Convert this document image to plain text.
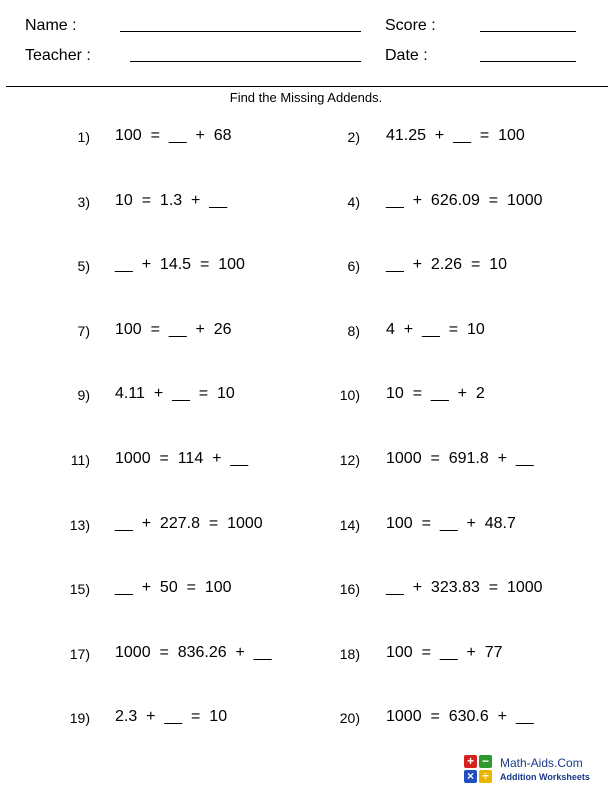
Name :
Teacher :
Score :
Date :
Find the Missing Addends.
1) 100  =  __  +  68	2) 41.25  +  __  =  100
3) 10  =  1.3  +  __	4) __  +  626.09  =  1000
5) __  +  14.5  =  100	6) __  +  2.26  =  10
7) 100  =  __  +  26	8) 4  +  __  =  10
9) 4.11  +  __  =  10	10) 10  =  __  +  2
11) 1000  =  114  +  __	12) 1000  =  691.8  +  __
13) __  +  227.8  =  1000	14) 100  =  __  +  48.7
15) __  +  50  =  100	16) __  +  323.83  =  1000
17) 1000  =  836.26  +  __	18) 100  =  __  +  77
19) 2.3  +  __  =  10	20) 1000  =  630.6  +  __
+ −
× ÷
Math-Aids.Com
Addition Worksheets
